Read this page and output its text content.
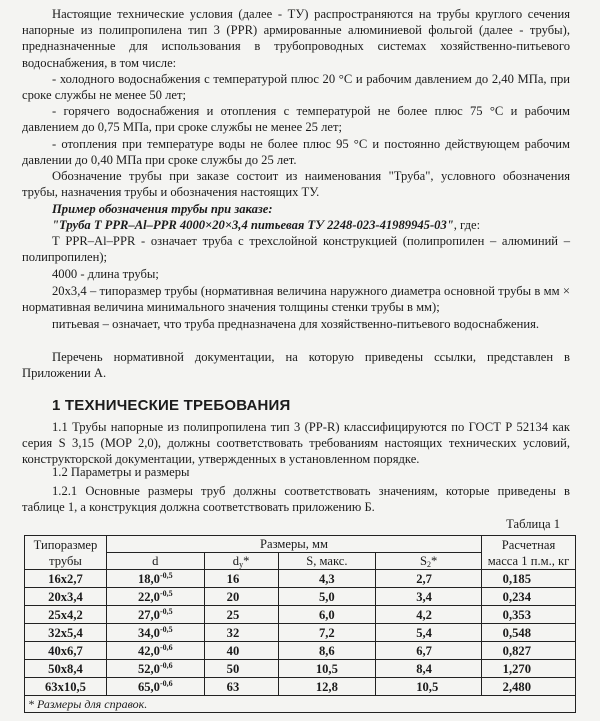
Настоящие технические условия (далее - ТУ) распространяются на трубы круглого сечения напорные из полипропилена тип 3 (PPR) армированные алюминиевой фольгой (далее - трубы), предназначенные для использования в трубопроводных системах хозяйственно-питьевого водоснабжения, в том числе:

- холодного водоснабжения с температурой плюс 20 °С и рабочим давлением до 2,40 МПа, при сроке службы не менее 50 лет;

- горячего водоснабжения и отопления с температурой не более плюс 75 °С и рабочим давлением до 0,75 МПа, при сроке службы не менее 25 лет;

- отопления при температуре воды не более плюс 95 °С и постоянно действующем рабочим давлении до 0,40 МПа при сроке службы до 25 лет.

Обозначение трубы при заказе состоит из наименования "Труба", условного обозначения трубы, назначения трубы и обозначения настоящих ТУ.

Пример обозначения трубы при заказе:

"Труба Т PPR–Al–PPR 4000×20×3,4 питьевая ТУ 2248-023-41989945-03", где:

Т PPR–Al–PPR - означает труба с трехслойной конструкцией (полипропилен – алюминий – полипропилен);

4000 - длина трубы;

20х3,4 – типоразмер трубы (нормативная величина наружного диаметра основной трубы в мм × нормативная величина минимального значения толщины стенки трубы в мм);

питьевая – означает, что труба предназначена для хозяйственно-питьевого водоснабжения.

Перечень нормативной документации, на которую приведены ссылки, представлен в Приложении А.

1 ТЕХНИЧЕСКИЕ ТРЕБОВАНИЯ

1.1 Трубы напорные из полипропилена тип 3 (PP-R) классифицируются по ГОСТ Р 52134 как серия S 3,15 (MOP 2,0), должны соответствовать требованиям настоящих технических условий, конструкторской документации, утвержденных в установленном порядке.

1.2 Параметры и размеры

1.2.1 Основные размеры труб должны соответствовать значениям, которые приведены в таблице 1, а конструкция должна соответствовать приложению Б.

Таблица 1
Типоразмер трубы	Размеры, мм				Расчетная масса 1 п.м., кг
	d	$d_у*$	S, макс.	$S_2*$	
16х2,7	$18,0^{-0,5}$	16	4,3	2,7	0,185
20х3,4	$22,0^{-0,5}$	20	5,0	3,4	0,234
25х4,2	$27,0^{-0,5}$	25	6,0	4,2	0,353
32х5,4	$34,0^{-0,5}$	32	7,2	5,4	0,548
40х6,7	$42,0^{-0,6}$	40	8,6	6,7	0,827
50х8,4	$52,0^{-0,6}$	50	10,5	8,4	1,270
63х10,5	$65,0^{-0,6}$	63	12,8	10,5	2,480
* Размеры для справок.					
